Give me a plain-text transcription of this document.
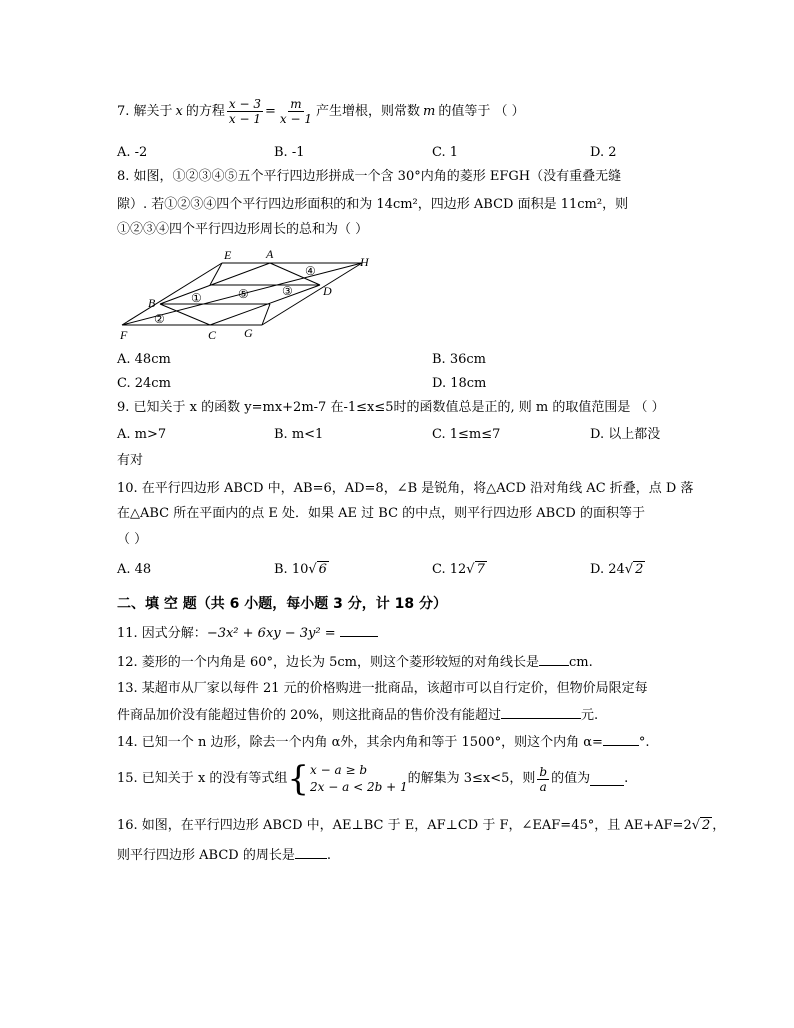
7. 解关于 x 的方程 $\frac{x - 3}{x - 1} = \frac{m}{x - 1}$ 产生增根，则常数 m 的值等于 （ ）
A. -2	B. -1	C. 1	D. 2
8. 如图，①②③④⑤五个平行四边形拼成一个含 30°内角的菱形 EFGH（没有重叠无缝
隙）. 若①②③④四个平行四边形面积的和为 14cm²，四边形 ABCD 面积是 11cm²，则
①②③④四个平行四边形周长的总和为（ ）
E	A
H
B
D
F	C G
①
②
③
④
⑤
A. 48cm	B. 36cm
C. 24cm	D. 18cm
9. 已知关于 x 的函数 y=mx+2m-7 在-1≤x≤5时的函数值总是正的, 则 m 的取值范围是 （ ）
A. m>7	B. m<1	C. 1≤m≤7	D. 以上都没
有对
10. 在平行四边形 ABCD 中，AB=6，AD=8，∠B 是锐角，将△ACD 沿对角线 AC 折叠，点 D 落
在△ABC 所在平面内的点 E 处．如果 AE 过 BC 的中点，则平行四边形 ABCD 的面积等于
（ ）
A. 48	B. 10√ 6	C. 12√ 7	D. 24√ 2
二、填 空 题（共 6 小题，每小题 3 分，计 18 分）
11. 因式分解：−3x² + 6xy − 3y² =
12. 菱形的一个内角是 60°，边长为 5cm，则这个菱形较短的对角线长是 cm.
13. 某超市从厂家以每件 21 元的价格购进一批商品，该超市可以自行定价，但物价局限定每
件商品加价没有能超过售价的 20%，则这批商品的售价没有能超过	元.
14. 已知一个 n 边形，除去一个内角 α外，其余内角和等于 1500°，则这个内角 α=	°.
15. 已知关于 x 的没有等式组 { x − a ≥ b
2x − a < 2b + 1
的解集为 3≤x<5，则 $\frac{b}{a}$ 的值为	.
16. 如图，在平行四边形 ABCD 中，AE⊥BC 于 E，AF⊥CD 于 F，∠EAF=45°，且 AE+AF=2√ 2 ，
则平行四边形 ABCD 的周长是 .
